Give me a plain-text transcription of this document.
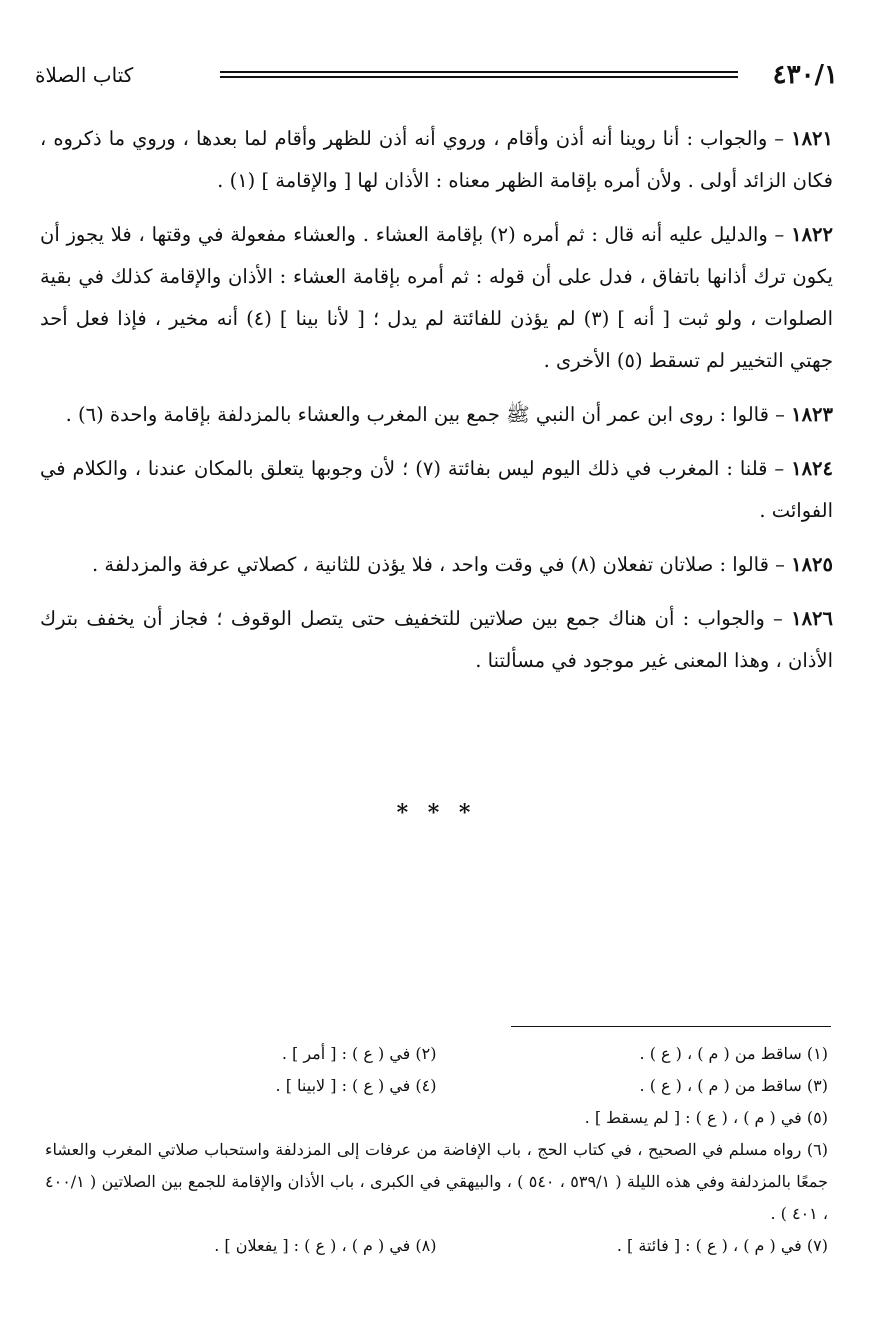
٤٣٠/١
كتاب الصلاة

١٨٢١ – والجواب : أنا روينا أنه أذن وأقام ، وروي أنه أذن للظهر وأقام لما بعدها ، وروي ما ذكروه ، فكان الزائد أولى . ولأن أمره بإقامة الظهر معناه : الأذان لها [ والإقامة ] (١) .

١٨٢٢ – والدليل عليه أنه قال : ثم أمره (٢) بإقامة العشاء . والعشاء مفعولة في وقتها ، فلا يجوز أن يكون ترك أذانها باتفاق ، فدل على أن قوله : ثم أمره بإقامة العشاء : الأذان والإقامة كذلك في بقية الصلوات ، ولو ثبت [ أنه ] (٣) لم يؤذن للفائتة لم يدل ؛ [ لأنا بينا ] (٤) أنه مخير ، فإذا فعل أحد جهتي التخيير لم تسقط (٥) الأخرى .

١٨٢٣ – قالوا : روى ابن عمر أن النبي ﷺ جمع بين المغرب والعشاء بالمزدلفة بإقامة واحدة (٦) .

١٨٢٤ – قلنا : المغرب في ذلك اليوم ليس بفائتة (٧) ؛ لأن وجوبها يتعلق بالمكان عندنا ، والكلام في الفوائت .

١٨٢٥ – قالوا : صلاتان تفعلان (٨) في وقت واحد ، فلا يؤذن للثانية ، كصلاتي عرفة والمزدلفة .

١٨٢٦ – والجواب : أن هناك جمع بين صلاتين للتخفيف حتى يتصل الوقوف ؛ فجاز أن يخفف بترك الأذان ، وهذا المعنى غير موجود في مسألتنا .

* * *
(١) ساقط من ( م ) ، ( ع ) .
(٢) في ( ع ) : [ أمر ] .
(٣) ساقط من ( م ) ، ( ع ) .
(٤) في ( ع ) : [ لابينا ] .
(٥) في ( م ) ، ( ع ) : [ لم يسقط ] .
(٦) رواه مسلم في الصحيح ، في كتاب الحج ، باب الإفاضة من عرفات إلى المزدلفة واستحباب صلاتي المغرب والعشاء جمعًا بالمزدلفة وفي هذه الليلة ( ٥٣٩/١ ، ٥٤٠ ) ، والبيهقي في الكبرى ، باب الأذان والإقامة للجمع بين الصلاتين ( ٤٠٠/١ ، ٤٠١ ) .
(٧) في ( م ) ، ( ع ) : [ فائتة ] .
(٨) في ( م ) ، ( ع ) : [ يفعلان ] .
